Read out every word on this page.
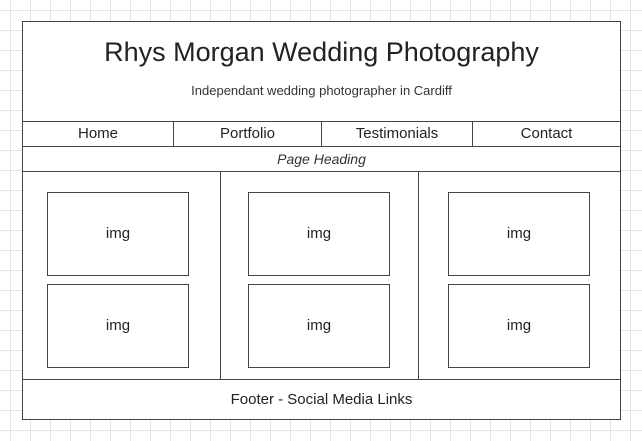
Rhys Morgan Wedding Photography
Independant wedding photographer in Cardiff
Home	Portfolio	Testimonials	Contact
Page Heading
img	img	img
img	img	img
Footer - Social Media Links
